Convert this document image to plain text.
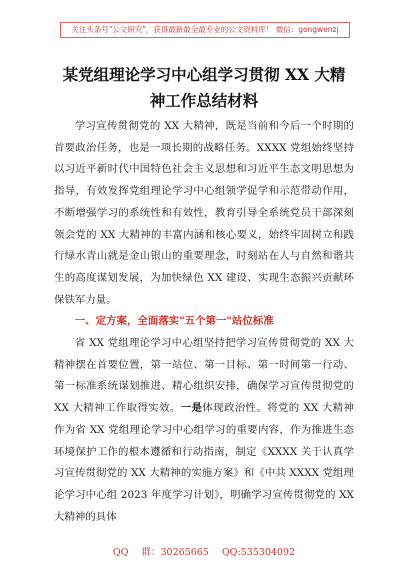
关注头条号"公文研究"，获得最新最全最专业的公文资料库！ 微信：gongwenzj
某党组理论学习中心组学习贯彻 XX 大精
神工作总结材料

学习宣传贯彻党的 XX 大精神，既是当前和今后一个时期的首要政治任务，也是一项长期的战略任务。XXXX 党组始终坚持以习近平新时代中国特色社会主义思想和习近平生态文明思想为指导，有效发挥党组理论学习中心组领学促学和示范带动作用，不断增强学习的系统性和有效性，教育引导全系统党员干部深刻领会党的 XX 大精神的丰富内涵和核心要义，始终牢固树立和践行绿水青山就是金山银山的重要理念，时刻站在人与自然和谐共生的高度谋划发展，为加快绿色 XX 建设、实现生态振兴贡献环保铁军力量。

一、定方案，全面落实"五个第一"站位标准

省 XX 党组理论学习中心组坚持把学习宣传贯彻党的 XX 大精神摆在首要位置，第一站位、第一目标、第一时间第一行动、第一标准系统谋划推进、精心组织安排，确保学习宣传贯彻党的 XX 大精神工作取得实效。一是体现政治性。将党的 XX 大精神作为省 XX 党组理论学习中心组学习的重要内容，作为推进生态环境保护工作的根本遵循和行动指南，制定《XXXX 关于认真学习宣传贯彻党的 XX 大精神的实施方案》和《中共 XXXX 党组理论学习中心组 2023 年度学习计划》，明确学习宣传贯彻党的 XX 大精神的具体

QQ 群：30265665 QQ:535304092
